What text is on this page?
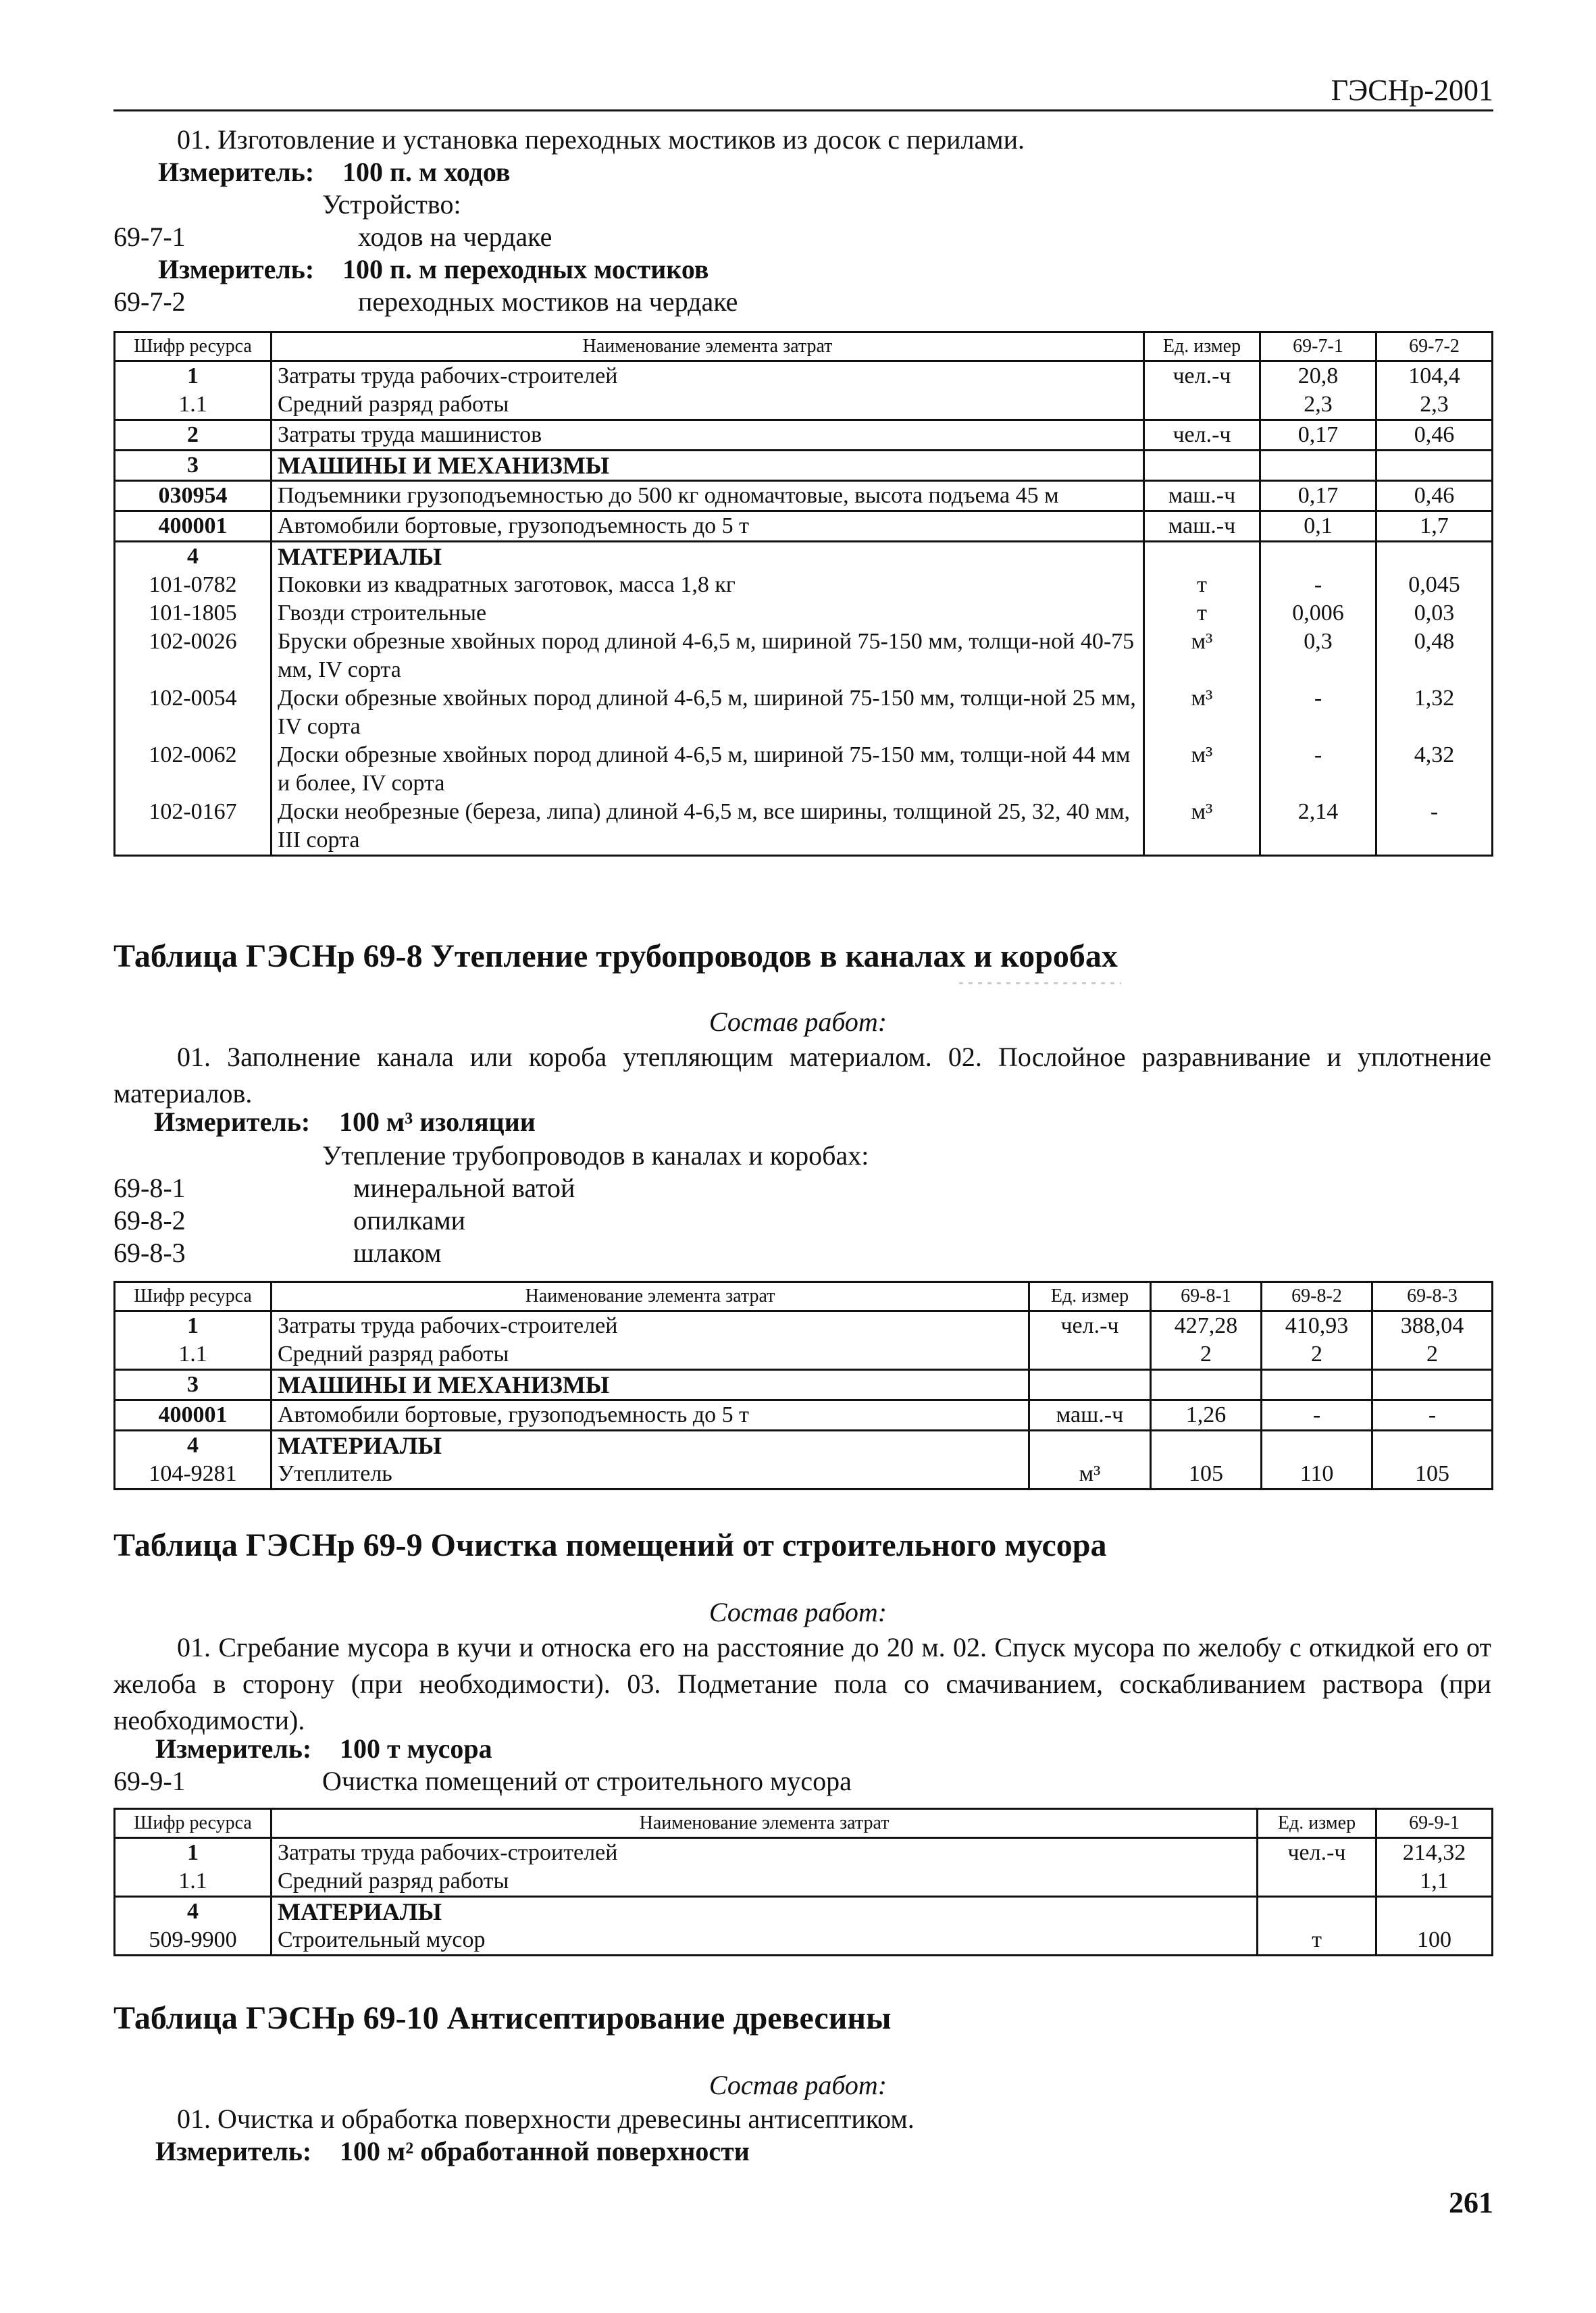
ГЭСНр-2001
01. Изготовление и установка переходных мостиков из досок с перилами.
Измеритель: 100 п. м ходов
Устройство:
69-7-1	ходов на чердаке
Измеритель: 100 п. м переходных мостиков
69-7-2	переходных мостиков на чердаке
Шифр ресурса	Наименование элемента затрат	Ед. измер	69-7-1	69-7-2
1	Затраты труда рабочих-строителей	чел.-ч	20,8	104,4
1.1	Средний разряд работы		2,3	2,3
2	Затраты труда машинистов	чел.-ч	0,17	0,46
3	МАШИНЫ И МЕХАНИЗМЫ			
030954	Подъемники грузоподъемностью до 500 кг одномачтовые, высота подъема 45 м	маш.-ч	0,17	0,46
400001	Автомобили бортовые, грузоподъемность до 5 т	маш.-ч	0,1	1,7
4	МАТЕРИАЛЫ			
101-0782	Поковки из квадратных заготовок, масса 1,8 кг	т	-	0,045
101-1805	Гвозди строительные	т	0,006	0,03
102-0026	Бруски обрезные хвойных пород длиной 4-6,5 м, шириной 75-150 мм, толщи-ной 40-75 мм, IV сорта	м³	0,3	0,48
102-0054	Доски обрезные хвойных пород длиной 4-6,5 м, шириной 75-150 мм, толщи-ной 25 мм, IV сорта	м³	-	1,32
102-0062	Доски обрезные хвойных пород длиной 4-6,5 м, шириной 75-150 мм, толщи-ной 44 мм и более, IV сорта	м³	-	4,32
102-0167	Доски необрезные (береза, липа) длиной 4-6,5 м, все ширины, толщиной 25, 32, 40 мм, III сорта	м³	2,14	-
Таблица ГЭСНр 69-8 Утепление трубопроводов в каналах и коробах
Состав работ:
01. Заполнение канала или короба утепляющим материалом. 02. Послойное разравнивание и уплотнение материалов.
Измеритель: 100 м³ изоляции
Утепление трубопроводов в каналах и коробах:
69-8-1	минеральной ватой
69-8-2	опилками
69-8-3	шлаком
Шифр ресурса	Наименование элемента затрат	Ед. измер	69-8-1	69-8-2	69-8-3
1	Затраты труда рабочих-строителей	чел.-ч	427,28	410,93	388,04
1.1	Средний разряд работы		2	2	2
3	МАШИНЫ И МЕХАНИЗМЫ				
400001	Автомобили бортовые, грузоподъемность до 5 т	маш.-ч	1,26	-	-
4	МАТЕРИАЛЫ				
104-9281	Утеплитель	м³	105	110	105
Таблица ГЭСНр 69-9 Очистка помещений от строительного мусора
Состав работ:
01. Сгребание мусора в кучи и относка его на расстояние до 20 м. 02. Спуск мусора по желобу с откидкой его от желоба в сторону (при необходимости). 03. Подметание пола со смачиванием, соскабливанием раствора (при необходимости).
Измеритель: 100 т мусора
69-9-1	Очистка помещений от строительного мусора
Шифр ресурса	Наименование элемента затрат	Ед. измер	69-9-1
1	Затраты труда рабочих-строителей	чел.-ч	214,32
1.1	Средний разряд работы		1,1
4	МАТЕРИАЛЫ		
509-9900	Строительный мусор	т	100
Таблица ГЭСНр 69-10 Антисептирование древесины
Состав работ:
01. Очистка и обработка поверхности древесины антисептиком.
Измеритель: 100 м² обработанной поверхности
261
